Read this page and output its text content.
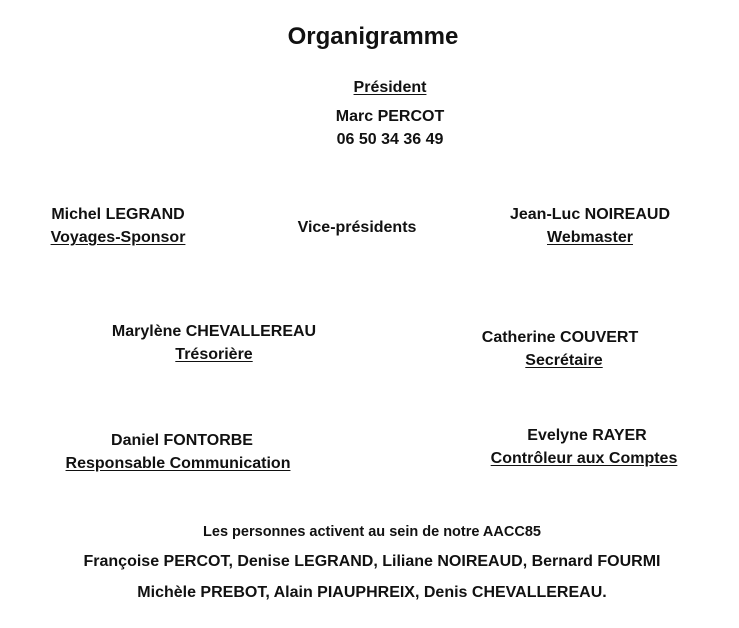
Organigramme
Président
Marc PERCOT
06 50 34 36 49
Vice-présidents
Michel LEGRAND
Voyages-Sponsor
Jean-Luc NOIREAUD
Webmaster
Marylène CHEVALLEREAU
Trésorière
Catherine COUVERT
Secrétaire
Daniel FONTORBE
Responsable Communication
Evelyne RAYER
Contrôleur aux Comptes
Les personnes activent au sein de notre AACC85
Françoise PERCOT, Denise LEGRAND, Liliane NOIREAUD, Bernard FOURMI
Michèle PREBOT, Alain PIAUPHREIX, Denis CHEVALLEREAU.
